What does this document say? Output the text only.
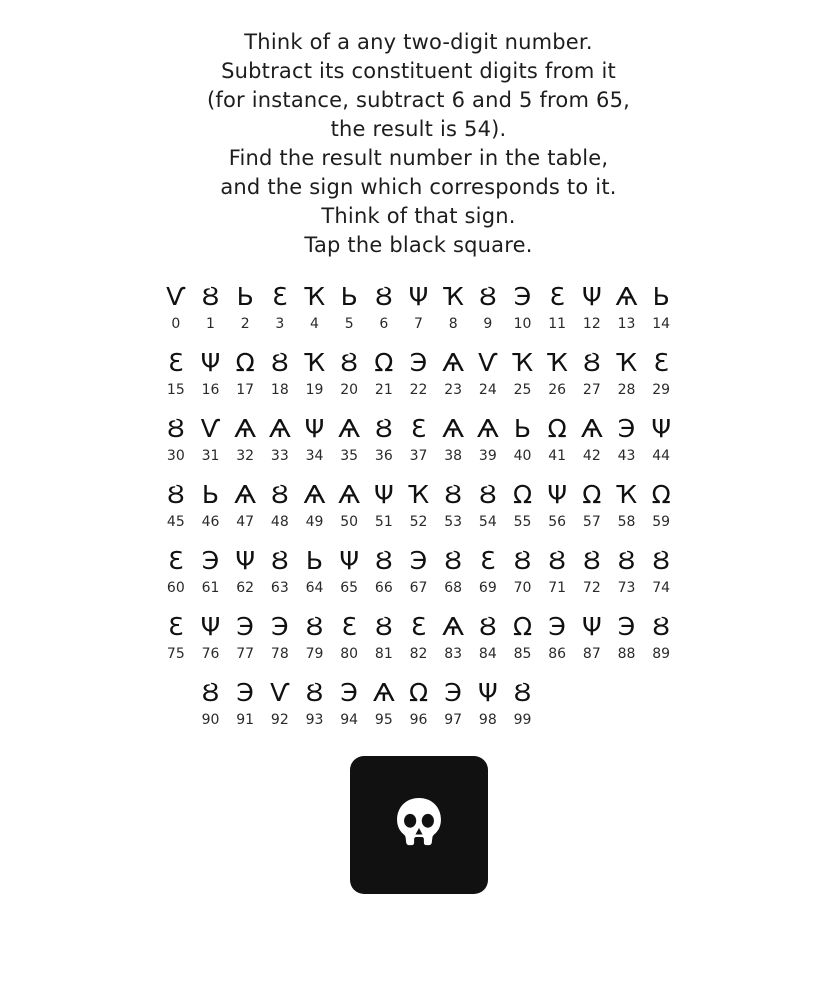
Think of a any two-digit number.
Subtract its constituent digits from it
(for instance, subtract 6 and 5 from 65,
the result is 54).
Find the result number in the table,
and the sign which corresponds to it.
Think of that sign.
Tap the black square.
Ѵ Ȣ Ь Ԑ Ҡ Ь Ȣ Ψ Ҡ Ȣ Э Ԑ Ψ Ѧ Ь
0	1	2	3	4	5	6	7	8	9	10	11	12	13	14
Ԑ Ψ Ω Ȣ Ҡ Ȣ Ω Э Ѧ Ѵ Ҡ Ҡ Ȣ Ҡ Ԑ
15	16	17	18	19	20	21	22	23	24	25	26	27	28	29
Ȣ Ѵ Ѧ Ѧ Ψ Ѧ Ȣ Ԑ Ѧ Ѧ Ь Ω Ѧ Э Ψ
30	31	32	33	34	35	36	37	38	39	40	41	42	43	44
Ȣ Ь Ѧ Ȣ Ѧ Ѧ Ψ Ҡ Ȣ Ȣ Ω Ψ Ω Ҡ Ω
45	46	47	48	49	50	51	52	53	54	55	56	57	58	59
Ԑ Э Ψ Ȣ Ь Ψ Ȣ Э Ȣ Ԑ Ȣ Ȣ Ȣ Ȣ Ȣ
60	61	62	63	64	65	66	67	68	69	70	71	72	73	74
Ԑ Ψ Э Э Ȣ Ԑ Ȣ Ԑ Ѧ Ȣ Ω Э Ψ Э Ȣ
75	76	77	78	79	80	81	82	83	84	85	86	87	88	89
Ȣ Э Ѵ Ȣ Э Ѧ Ω Э Ψ Ȣ
90	91	92	93	94	95	96	97	98	99
